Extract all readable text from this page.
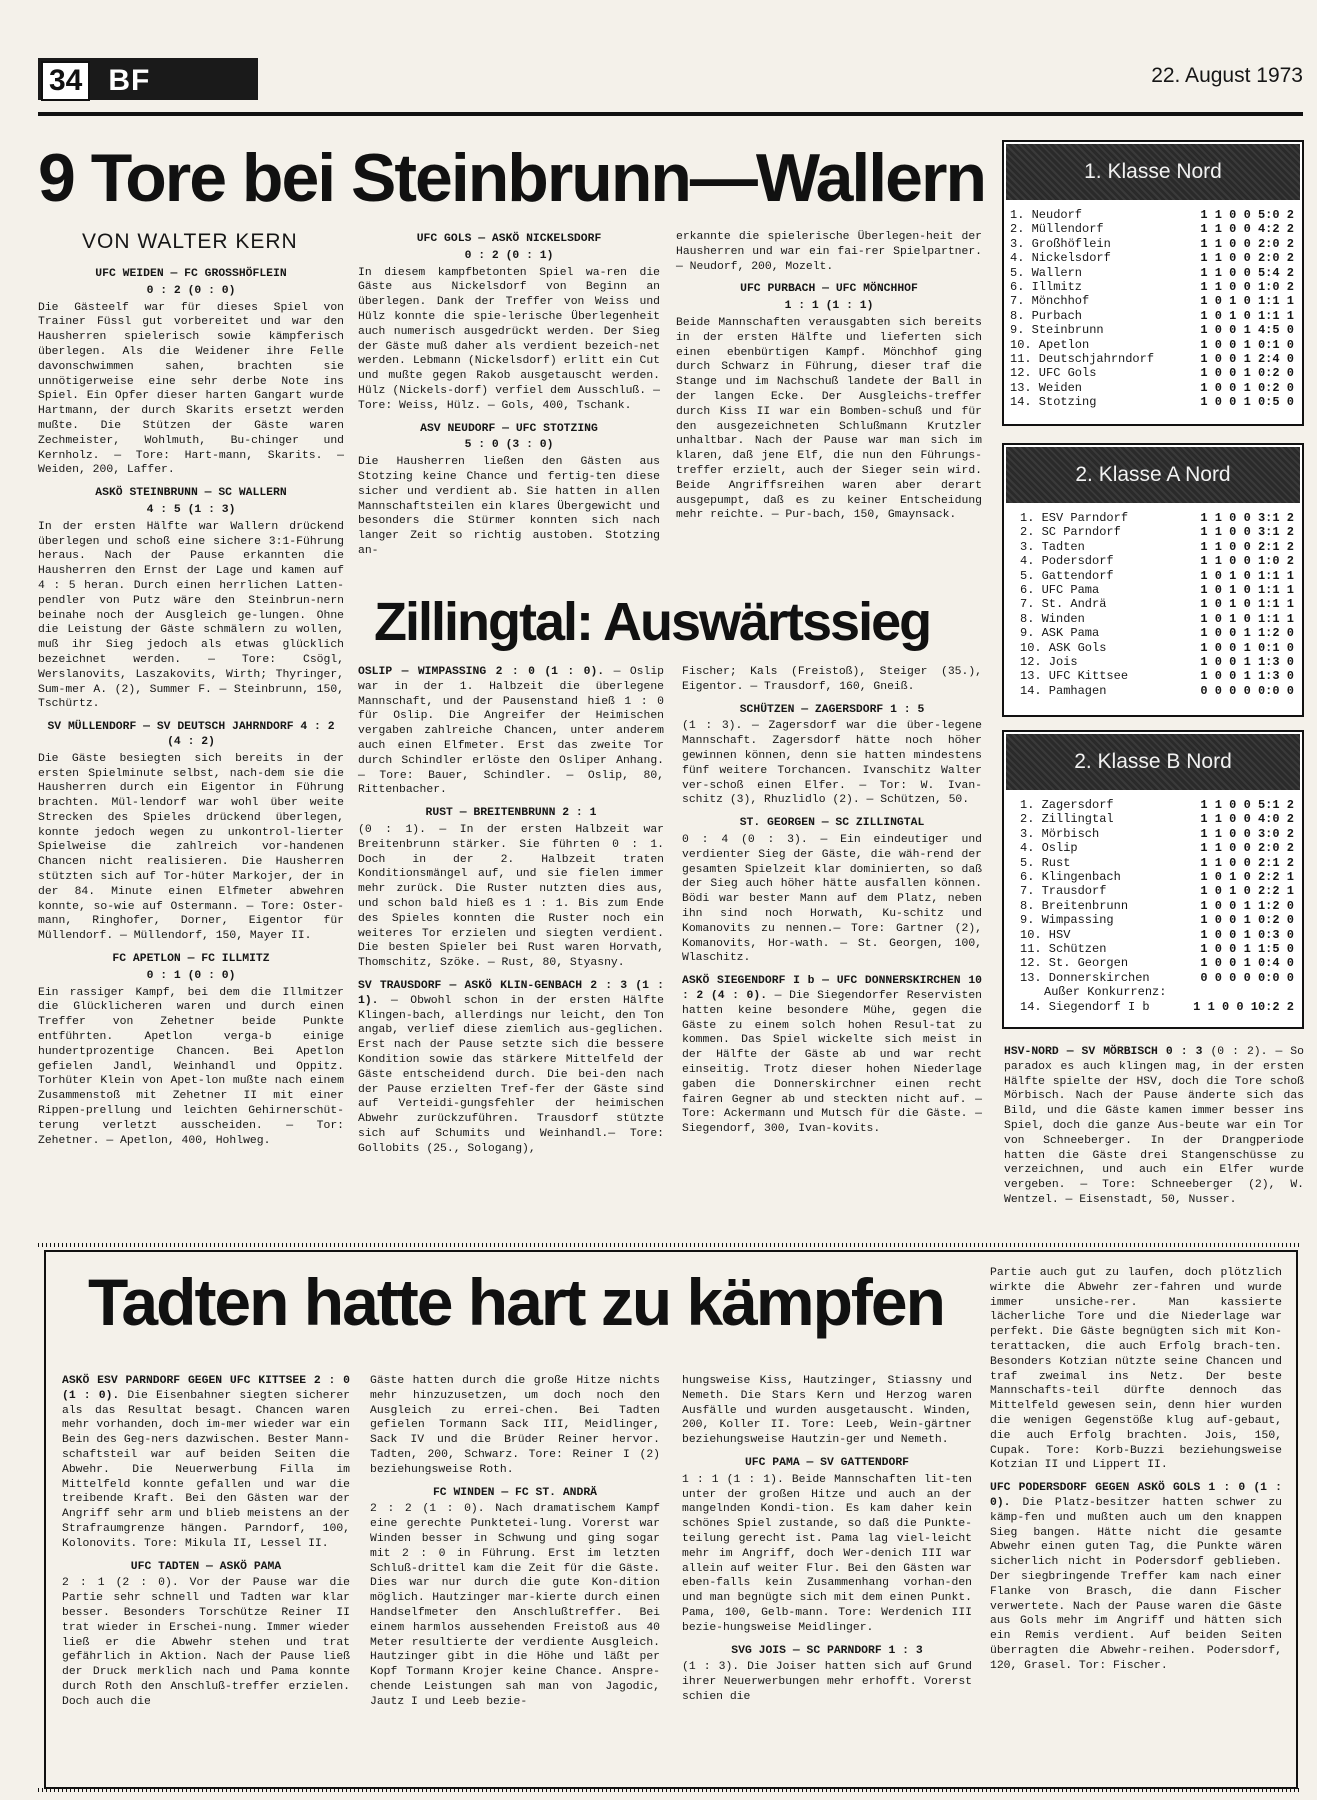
34 BF	22. August 1973
9 Tore bei Steinbrunn—Wallern
VON WALTER KERN
UFC WEIDEN — FC GROSSHÖFLEIN
0 : 2 (0 : 0)

Die Gästeelf war für dieses Spiel von Trainer Füssl gut vorbereitet und war den Hausherren spielerisch sowie kämpferisch überlegen. Als die Weidener ihre Felle davonschwimmen sahen, brachten sie unnötigerweise eine sehr derbe Note ins Spiel. Ein Opfer dieser harten Gangart wurde Hartmann, der durch Skarits ersetzt werden mußte. Die Stützen der Gäste waren Zechmeister, Wohlmuth, Bu-chinger und Kernholz. — Tore: Hart-mann, Skarits. — Weiden, 200, Laffer.

ASKÖ STEINBRUNN — SC WALLERN
4 : 5 (1 : 3)

In der ersten Hälfte war Wallern drückend überlegen und schoß eine sichere 3:1-Führung heraus. Nach der Pause erkannten die Hausherren den Ernst der Lage und kamen auf 4 : 5 heran. Durch einen herrlichen Latten-pendler von Putz wäre den Steinbrun-nern beinahe noch der Ausgleich ge-lungen. Ohne die Leistung der Gäste schmälern zu wollen, muß ihr Sieg jedoch als etwas glücklich bezeichnet werden. — Tore: Csögl, Werslanovits, Laszakovits, Wirth; Thyringer, Sum-mer A. (2), Summer F. — Steinbrunn, 150, Tschürtz.

SV MÜLLENDORF — SV DEUTSCH JAHRNDORF 4 : 2 (4 : 2)

Die Gäste besiegten sich bereits in der ersten Spielminute selbst, nach-dem sie die Hausherren durch ein Eigentor in Führung brachten. Mül-lendorf war wohl über weite Strecken des Spieles drückend überlegen, konnte jedoch wegen zu unkontrol-lierter Spielweise die zahlreich vor-handenen Chancen nicht realisieren. Die Hausherren stützten sich auf Tor-hüter Markojer, der in der 84. Minute einen Elfmeter abwehren konnte, so-wie auf Ostermann. — Tore: Oster-mann, Ringhofer, Dorner, Eigentor für Müllendorf. — Müllendorf, 150, Mayer II.

FC APETLON — FC ILLMITZ
0 : 1 (0 : 0)

Ein rassiger Kampf, bei dem die Illmitzer die Glücklicheren waren und durch einen Treffer von Zehetner beide Punkte entführten. Apetlon verga-b einige hundertprozentige Chancen. Bei Apetlon gefielen Jandl, Weinhandl und Oppitz. Torhüter Klein von Apet-lon mußte nach einem Zusammenstoß mit Zehetner II mit einer Rippen-prellung und leichten Gehirnerschüt-terung verletzt ausscheiden. — Tor: Zehetner. — Apetlon, 400, Hohlweg.

UFC GOLS — ASKÖ NICKELSDORF
0 : 2 (0 : 1)

In diesem kampfbetonten Spiel wa-ren die Gäste aus Nickelsdorf von Beginn an überlegen. Dank der Treffer von Weiss und Hülz konnte die spie-lerische Überlegenheit auch numerisch ausgedrückt werden. Der Sieg der Gäste muß daher als verdient bezeich-net werden. Lebmann (Nickelsdorf) erlitt ein Cut und mußte gegen Rakob ausgetauscht werden. Hülz (Nickels-dorf) verfiel dem Ausschluß. — Tore: Weiss, Hülz. — Gols, 400, Tschank.

ASV NEUDORF — UFC STOTZING
5 : 0 (3 : 0)

Die Hausherren ließen den Gästen aus Stotzing keine Chance und fertig-ten diese sicher und verdient ab. Sie hatten in allen Mannschaftsteilen ein klares Übergewicht und besonders die Stürmer konnten sich nach langer Zeit so richtig austoben. Stotzing an-

erkannte die spielerische Überlegen-heit der Hausherren und war ein fai-rer Spielpartner. — Neudorf, 200, Mozelt.

UFC PURBACH — UFC MÖNCHHOF
1 : 1 (1 : 1)

Beide Mannschaften verausgabten sich bereits in der ersten Hälfte und lieferten sich einen ebenbürtigen Kampf. Mönchhof ging durch Schwarz in Führung, dieser traf die Stange und im Nachschuß landete der Ball in der langen Ecke. Der Ausgleichs-treffer durch Kiss II war ein Bomben-schuß und für den ausgezeichneten Schlußmann Krutzler unhaltbar. Nach der Pause war man sich im klaren, daß jene Elf, die nun den Führungs-treffer erzielt, auch der Sieger sein wird. Beide Angriffsreihen waren aber derart ausgepumpt, daß es zu keiner Entscheidung mehr reichte. — Pur-bach, 150, Gmaynsack.

Zillingtal: Auswärtssieg

OSLIP — WIMPASSING 2 : 0 (1 : 0). — Oslip war in der 1. Halbzeit die überlegene Mannschaft, und der Pausenstand hieß 1 : 0 für Oslip. Die Angreifer der Heimischen vergaben zahlreiche Chancen, unter anderem auch einen Elfmeter. Erst das zweite Tor durch Schindler erlöste den Osliper Anhang. — Tore: Bauer, Schindler. — Oslip, 80, Rittenbacher.

RUST — BREITENBRUNN 2 : 1

(0 : 1). — In der ersten Halbzeit war Breitenbrunn stärker. Sie führten 0 : 1. Doch in der 2. Halbzeit traten Konditionsmängel auf, und sie fielen immer mehr zurück. Die Ruster nutzten dies aus, und schon bald hieß es 1 : 1. Bis zum Ende des Spieles konnten die Ruster noch ein weiteres Tor erzielen und siegten verdient. Die besten Spieler bei Rust waren Horvath, Thomschitz, Szöke. — Rust, 80, Styasny.

SV TRAUSDORF — ASKÖ KLIN-GENBACH 2 : 3 (1 : 1). — Obwohl schon in der ersten Hälfte Klingen-bach, allerdings nur leicht, den Ton angab, verlief diese ziemlich aus-geglichen. Erst nach der Pause setzte sich die bessere Kondition sowie das stärkere Mittelfeld der Gäste entscheidend durch. Die bei-den nach der Pause erzielten Tref-fer der Gäste sind auf Verteidi-gungsfehler der heimischen Abwehr zurückzuführen. Trausdorf stützte sich auf Schumits und Weinhandl.— Tore: Gollobits (25., Sologang),

Fischer; Kals (Freistoß), Steiger (35.), Eigentor. — Trausdorf, 160, Gneiß.

SCHÜTZEN — ZAGERSDORF 1 : 5

(1 : 3). — Zagersdorf war die über-legene Mannschaft. Zagersdorf hätte noch höher gewinnen können, denn sie hatten mindestens fünf weitere Torchancen. Ivanschitz Walter ver-schoß einen Elfer. — Tor: W. Ivan-schitz (3), Rhuzlidlo (2). — Schützen, 50.

ST. GEORGEN — SC ZILLINGTAL

0 : 4 (0 : 3). — Ein eindeutiger und verdienter Sieg der Gäste, die wäh-rend der gesamten Spielzeit klar dominierten, so daß der Sieg auch höher hätte ausfallen können. Bödi war bester Mann auf dem Platz, neben ihn sind noch Horwath, Ku-schitz und Komanovits zu nennen.— Tore: Gartner (2), Komanovits, Hor-wath. — St. Georgen, 100, Wlaschitz.

ASKÖ SIEGENDORF I b — UFC DONNERSKIRCHEN 10 : 2 (4 : 0). — Die Siegendorfer Reservisten hatten keine besondere Mühe, gegen die Gäste zu einem solch hohen Resul-tat zu kommen. Das Spiel wickelte sich meist in der Hälfte der Gäste ab und war recht einseitig. Trotz dieser hohen Niederlage gaben die Donnerskirchner einen recht fairen Gegner ab und steckten nicht auf. — Tore: Ackermann und Mutsch für die Gäste. — Siegendorf, 300, Ivan-kovits.

HSV-NORD — SV MÖRBISCH 0 : 3 (0 : 2). — So paradox es auch klingen mag, in der ersten Hälfte spielte der HSV, doch die Tore schoß Mörbisch. Nach der Pause änderte sich das Bild, und die Gäste kamen immer besser ins Spiel, doch die ganze Aus-beute war ein Tor von Schneeberger. In der Drangperiode hatten die Gäste drei Stangenschüsse zu verzeichnen, und auch ein Elfer wurde vergeben. — Tore: Schneeberger (2), W. Wentzel. — Eisenstadt, 50, Nusser.

1. Klasse Nord
1. Neudorf	1 1 0 0 5:0 2
2. Müllendorf	1 1 0 0 4:2 2
3. Großhöflein	1 1 0 0 2:0 2
4. Nickelsdorf	1 1 0 0 2:0 2
5. Wallern	1 1 0 0 5:4 2
6. Illmitz	1 1 0 0 1:0 2
7. Mönchhof	1 0 1 0 1:1 1
8. Purbach	1 0 1 0 1:1 1
9. Steinbrunn	1 0 0 1 4:5 0
10. Apetlon	1 0 0 1 0:1 0
11. Deutschjahrndorf	1 0 0 1 2:4 0
12. UFC Gols	1 0 0 1 0:2 0
13. Weiden	1 0 0 1 0:2 0
14. Stotzing	1 0 0 1 0:5 0
2. Klasse A Nord
1. ESV Parndorf	1 1 0 0 3:1 2
2. SC Parndorf	1 1 0 0 3:1 2
3. Tadten	1 1 0 0 2:1 2
4. Podersdorf	1 1 0 0 1:0 2
5. Gattendorf	1 0 1 0 1:1 1
6. UFC Pama	1 0 1 0 1:1 1
7. St. Andrä	1 0 1 0 1:1 1
8. Winden	1 0 1 0 1:1 1
9. ASK Pama	1 0 0 1 1:2 0
10. ASK Gols	1 0 0 1 0:1 0
12. Jois	1 0 0 1 1:3 0
13. UFC Kittsee	1 0 0 1 1:3 0
14. Pamhagen	0 0 0 0 0:0 0
2. Klasse B Nord
1. Zagersdorf	1 1 0 0 5:1 2
2. Zillingtal	1 1 0 0 4:0 2
3. Mörbisch	1 1 0 0 3:0 2
4. Oslip	1 1 0 0 2:0 2
5. Rust	1 1 0 0 2:1 2
6. Klingenbach	1 0 1 0 2:2 1
7. Trausdorf	1 0 1 0 2:2 1
8. Breitenbrunn	1 0 0 1 1:2 0
9. Wimpassing	1 0 0 1 0:2 0
10. HSV	1 0 0 1 0:3 0
11. Schützen	1 0 0 1 1:5 0
12. St. Georgen	1 0 0 1 0:4 0
13. Donnerskirchen	0 0 0 0 0:0 0
Außer Konkurrenz:
14. Siegendorf I b	1 1 0 0 10:2 2
Tadten hatte hart zu kämpfen

ASKÖ ESV PARNDORF GEGEN UFC KITTSEE 2 : 0 (1 : 0). Die Eisenbahner siegten sicherer als das Resultat besagt. Chancen waren mehr vorhanden, doch im-mer wieder war ein Bein des Geg-ners dazwischen. Bester Mann-schaftsteil war auf beiden Seiten die Abwehr. Die Neuerwerbung Filla im Mittelfeld konnte gefallen und war die treibende Kraft. Bei den Gästen war der Angriff sehr arm und blieb meistens an der Strafraumgrenze hängen. Parndorf, 100, Kolonovits. Tore: Mikula II, Lessel II.

UFC TADTEN — ASKÖ PAMA

2 : 1 (2 : 0). Vor der Pause war die Partie sehr schnell und Tadten war klar besser. Besonders Torschütze Reiner II trat wieder in Erschei-nung. Immer wieder ließ er die Abwehr stehen und trat gefährlich in Aktion. Nach der Pause ließ der Druck merklich nach und Pama konnte durch Roth den Anschluß-treffer erzielen. Doch auch die

Gäste hatten durch die große Hitze nichts mehr hinzuzusetzen, um doch noch den Ausgleich zu errei-chen. Bei Tadten gefielen Tormann Sack III, Meidlinger, Sack IV und die Brüder Reiner hervor. Tadten, 200, Schwarz. Tore: Reiner I (2) beziehungsweise Roth.

FC WINDEN — FC ST. ANDRÄ

2 : 2 (1 : 0). Nach dramatischem Kampf eine gerechte Punktetei-lung. Vorerst war Winden besser in Schwung und ging sogar mit 2 : 0 in Führung. Erst im letzten Schluß-drittel kam die Zeit für die Gäste. Dies war nur durch die gute Kon-dition möglich. Hautzinger mar-kierte durch einen Handselfmeter den Anschlußtreffer. Bei einem harmlos aussehenden Freistoß aus 40 Meter resultierte der verdiente Ausgleich. Hautzinger gibt in die Höhe und läßt per Kopf Tormann Krojer keine Chance. Anspre-chende Leistungen sah man von Jagodic, Jautz I und Leeb bezie-

hungsweise Kiss, Hautzinger, Stiassny und Nemeth. Die Stars Kern und Herzog waren Ausfälle und wurden ausgetauscht. Winden, 200, Koller II. Tore: Leeb, Wein-gärtner beziehungsweise Hautzin-ger und Nemeth.

UFC PAMA — SV GATTENDORF

1 : 1 (1 : 1). Beide Mannschaften lit-ten unter der großen Hitze und auch an der mangelnden Kondi-tion. Es kam daher kein schönes Spiel zustande, so daß die Punkte-teilung gerecht ist. Pama lag viel-leicht mehr im Angriff, doch Wer-denich III war allein auf weiter Flur. Bei den Gästen war eben-falls kein Zusammenhang vorhan-den und man begnügte sich mit dem einen Punkt. Pama, 100, Gelb-mann. Tore: Werdenich III bezie-hungsweise Meidlinger.

SVG JOIS — SC PARNDORF 1 : 3

(1 : 3). Die Joiser hatten sich auf Grund ihrer Neuerwerbungen mehr erhofft. Vorerst schien die

Partie auch gut zu laufen, doch plötzlich wirkte die Abwehr zer-fahren und wurde immer unsiche-rer. Man kassierte lächerliche Tore und die Niederlage war perfekt. Die Gäste begnügten sich mit Kon-terattacken, die auch Erfolg brach-ten. Besonders Kotzian nützte seine Chancen und traf zweimal ins Netz. Der beste Mannschafts-teil dürfte dennoch das Mittelfeld gewesen sein, denn hier wurden die wenigen Gegenstöße klug auf-gebaut, die auch Erfolg brachten. Jois, 150, Cupak. Tore: Korb-Buzzi beziehungsweise Kotzian II und Lippert II.

UFC PODERSDORF GEGEN ASKÖ GOLS 1 : 0 (1 : 0). Die Platz-besitzer hatten schwer zu kämp-fen und mußten auch um den knappen Sieg bangen. Hätte nicht die gesamte Abwehr einen guten Tag, die Punkte wären sicherlich nicht in Podersdorf geblieben. Der siegbringende Treffer kam nach einer Flanke von Brasch, die dann Fischer verwertete. Nach der Pause waren die Gäste aus Gols mehr im Angriff und hätten sich ein Remis verdient. Auf beiden Seiten überragten die Abwehr-reihen. Podersdorf, 120, Grasel. Tor: Fischer.
